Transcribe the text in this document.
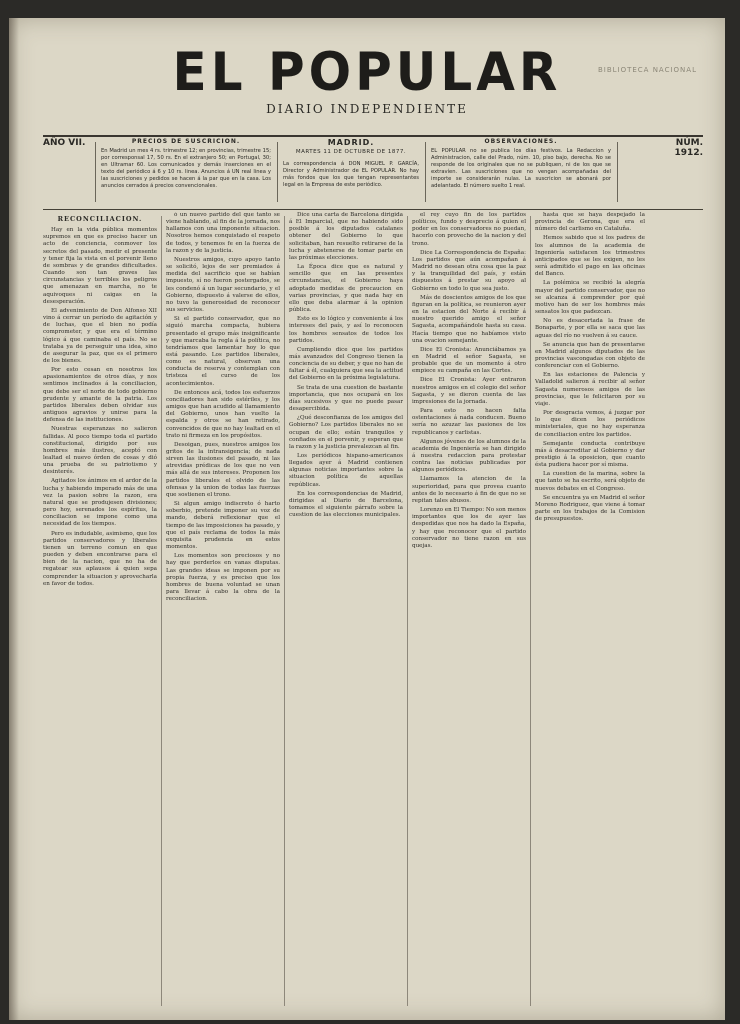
BIBLIOTECA NACIONAL
EL POPULAR
DIARIO INDEPENDIENTE
AÑO VII.	PRECIOS DE SUSCRICION.
En Madrid un mes 4 rs. trimestre 12; en provincias, trimestre 15; por corresponsal 17, 50 rs. En el extranjero 50; en Portugal, 30; en Ultramar 60. Los comunicados y demás inserciones en el texto del periódico á 6 y 10 rs. linea. Anuncios á UN real linea y las suscriciones y pedidos se hacen á la par que en la casa. Los anuncios cerrados á precios convencionales.
MADRID.
MARTES 11 DE OCTUBRE DE 1877.
La correspondencia á DON MIGUEL P. GARCÍA, Director y Administrador de EL POPULAR. No hay más fondos que los que tengan representantes legal en la Empresa de este periódico.
OBSERVACIONES.
EL POPULAR no se publica los días festivos. La Redaccion y Administracion, calle del Prado, núm. 10, piso bajo, derecha. No se responde de los originales que no se publiquen, ni de los que se extravíen. Las suscriciones que no vengan acompañadas del importe se considerarán nulas. La suscricion se abonará por adelantado. El número suelto 1 real.
NÚM. 1912.
RECONCILIACION.

Hay en la vida pública momentos supremos en que es preciso hacer un acto de conciencia, conmover los secretos del pasado, medir el presente y tener fija la vista en el porvenir lleno de sombras y de grandes dificultades. Cuando son tan graves las circunstancias y terribles los peligros que amenazan en marcha, no te aquivoques ni caigas en la desesperación.

El advenimiento de Don Alfonso XII vino á cerrar un período de agitación y de luchas, que el bien no podía comprometer, y que era el término lógico á que caminaba el país. No se trataba ya de perseguir una idea, sino de asegurar la paz, que es el primero de los bienes.

Por esto cesan en nosotros los apasionamientos de otros días, y nos sentimos inclinados á la conciliacion, que debe ser el norte de todo gobierno prudente y amante de la patria. Los partidos liberales deben olvidar sus antiguos agravios y unirse para la defensa de las instituciones.

Nuestras esperanzas no salieron fallidas. Al poco tiempo toda el partido constitucional, dirigido por sus hombres más ilustres, aceptó con lealtad el nuevo órden de cosas y dió una prueba de su patriotismo y desinterés.

Agitados los ánimos en el ardor de la lucha y habiendo imperado más de una vez la pasion sobre la razon, era natural que se produjesen divisiones; pero hoy, serenados los espíritus, la conciliacion se impone como una necesidad de los tiempos.

Pero es indudable, asimismo, que los partidos conservadores y liberales tienen un terreno comun en que pueden y deben encontrarse para el bien de la nacion, que no ha de regatear sus aplausos á quien sepa comprender la situacion y aprovecharla en favor de todos.

ó un nuevo partido del que tanto se viene hablando, al fin de la jornada, nos hallamos con una imponente situacion. Nosotros hemos conquistado el respeto de todos, y tenemos fe en la fuerza de la razon y de la justicia.

Nuestros amigos, cuyo apoyo tanto se solicitó, lejos de ser premiados á medida del sacrificio que se habían impuesto, sí no fueron postergados, se les condenó á un lugar secundario, y el Gobierno, dispuesto á valerse de ellos, no tuvo la generosidad de reconocer sus servicios.

Si el partido conservador, que no siguió marcha compacta, hubiera presentado el grupo más insignificante y que marcaba la regla á la política, no tendríamos que lamentar hoy lo que está pasando. Los partidos liberales, como es natural, observan una conducta de reserva y contemplan con tristeza el curso de los acontecimientos.

De entonces acá, todos los esfuerzos conciliadores han sido estériles, y los amigos que han acudido al llamamiento del Gobierno, unos han vuelto la espalda y otros se han retirado, convencidos de que no hay lealtad en el trato ni firmeza en los propósitos.

Desoigan, pues, nuestros amigos los gritos de la intransigencia; de nada sirven las ilusiones del pasado, ni las atrevidas prédicas de los que no ven más allá de sus intereses. Proponen los partidos liberales el olvido de las ofensas y la union de todas las fuerzas que sostienen el trono.

Si algun amigo indiscreto ó harto soberbio, pretende imponer su voz de mando, deberá reflexionar que el tiempo de las imposiciones ha pasado, y que el país reclama de todos la más exquisita prudencia en estos momentos.

Los momentos son preciosos y no hay que perderlos en vanas disputas. Las grandes ideas se imponen por su propia fuerza, y es preciso que los hombres de buena voluntad se unan para llevar á cabo la obra de la reconciliacion.

Dice una carta de Barcelona dirigida á El Imparcial, que no habiendo sido posible á los diputados catalanes obtener del Gobierno lo que solicitaban, han resuelto retirarse de la lucha y abstenerse de tomar parte en las próximas elecciones.

La Época dice que es natural y sencillo que en las presentes circunstancias, el Gobierno haya adoptado medidas de precaucion en varias provincias, y que nada hay en ello que deba alarmar á la opinion pública.

Esto es lo lógico y conveniente á los intereses del país, y así lo reconocen los hombres sensatos de todos los partidos.

Cumpliendo dice que los partidos más avanzados del Congreso tienen la conciencia de su deber, y que no han de faltar á él, cualquiera que sea la actitud del Gobierno en la próxima legislatura.

Se trata de una cuestion de bastante importancia, que nos ocupará en los días sucesivos y que no puede pasar desapercibida.

¿Qué desconfianza de los amigos del Gobierno? Los partidos liberales no se ocupan de ello; están tranquilos y confiados en el porvenir, y esperan que la razon y la justicia prevalezcan al fin.

Los periódicos hispano-americanos llegados ayer á Madrid contienen algunas noticias importantes sobre la situacion política de aquellas repúblicas.

En los correspondencias de Madrid, dirigidas al Diario de Barcelona, tomamos el siguiente párrafo sobre la cuestion de las elecciones municipales.

el rey cuyo fin de los partidos políticos, fundo y desprecio á quien el poder en los conservadores no puedan, hacerlo con provecho de la nacion y del trono.

Dice La Correspondencia de España: Los partidos que aún acompañan á Madrid no desean otra cosa que la paz y la tranquilidad del país, y están dispuestos á prestar su apoyo al Gobierno en todo lo que sea justo.

Más de doscientos amigos de los que figuran en la política, se reunieron ayer en la estacion del Norte á recibir á nuestro querido amigo el señor Sagasta, acompañándole hasta su casa. Hacía tiempo que no habíamos visto una ovacion semejante.

Dice El Cronista: Anunciábamos ya en Madrid el señor Sagasta, se probable que de un momento á otro empiece su campaña en las Cortes.

Dice El Cronista: Ayer entraron nuestros amigos en el colegio del señor Sagasta, y se dieron cuenta de las impresiones de la jornada.

Para esto no hacen falta ostentaciones á nada conducen. Bueno sería no azuzar las pasiones de los republicanos y carlistas.

Algunos jóvenes de los alumnos de la academia de Ingeniería se han dirigido á nuestra redaccion para protestar contra las noticias publicadas por algunos periódicos.

Llamamos la atencion de la superioridad, para que provea cuanto antes de lo necesario á fin de que no se repitan tales abusos.

Lorenzo en El Tiempo: No son menos importantes que los de ayer las despedidas que nos ha dado la España, y hay que reconocer que el partido conservador no tiene razon en sus quejas.

hasta que se haya despejado la provincia de Gerona, que era el número del carlismo en Cataluña.

Hemos sabido que si los padres de los alumnos de la academia de Ingeniería satisfacen los trimestres anticipados que se les exigen, no les será admitido el pago en las oficinas del Banco.

La polémica se recibió la alegría mayor del partido conservador, que no se alcanza á comprender por qué motivo han de ser los hombres más sensatos los que padezcan.

No es desacertada la frase de Bonaparte, y por ella se saca que las aguas del río no vuelven á su cauce.

Se anuncia que han de presentarse en Madrid algunos diputados de las provincias vascongadas con objeto de conferenciar con el Gobierno.

En las estaciones de Palencia y Valladolid salieron á recibir al señor Sagasta numerosos amigos de las provincias, que le felicitaron por su viaje.

Por desgracia vemos, á juzgar por lo que dicen los periódicos ministeriales, que no hay esperanza de conciliacion entre los partidos.

Semejante conducta contribuye más á desacreditar al Gobierno y dar prestigio á la oposicion, que cuanto ésta pudiera hacer por sí misma.

La cuestion de la marina, sobre la que tanto se ha escrito, será objeto de nuevos debates en el Congreso.

Se encuentra ya en Madrid el señor Moreno Rodriguez, que viene á tomar parte en los trabajos de la Comision de presupuestos.
